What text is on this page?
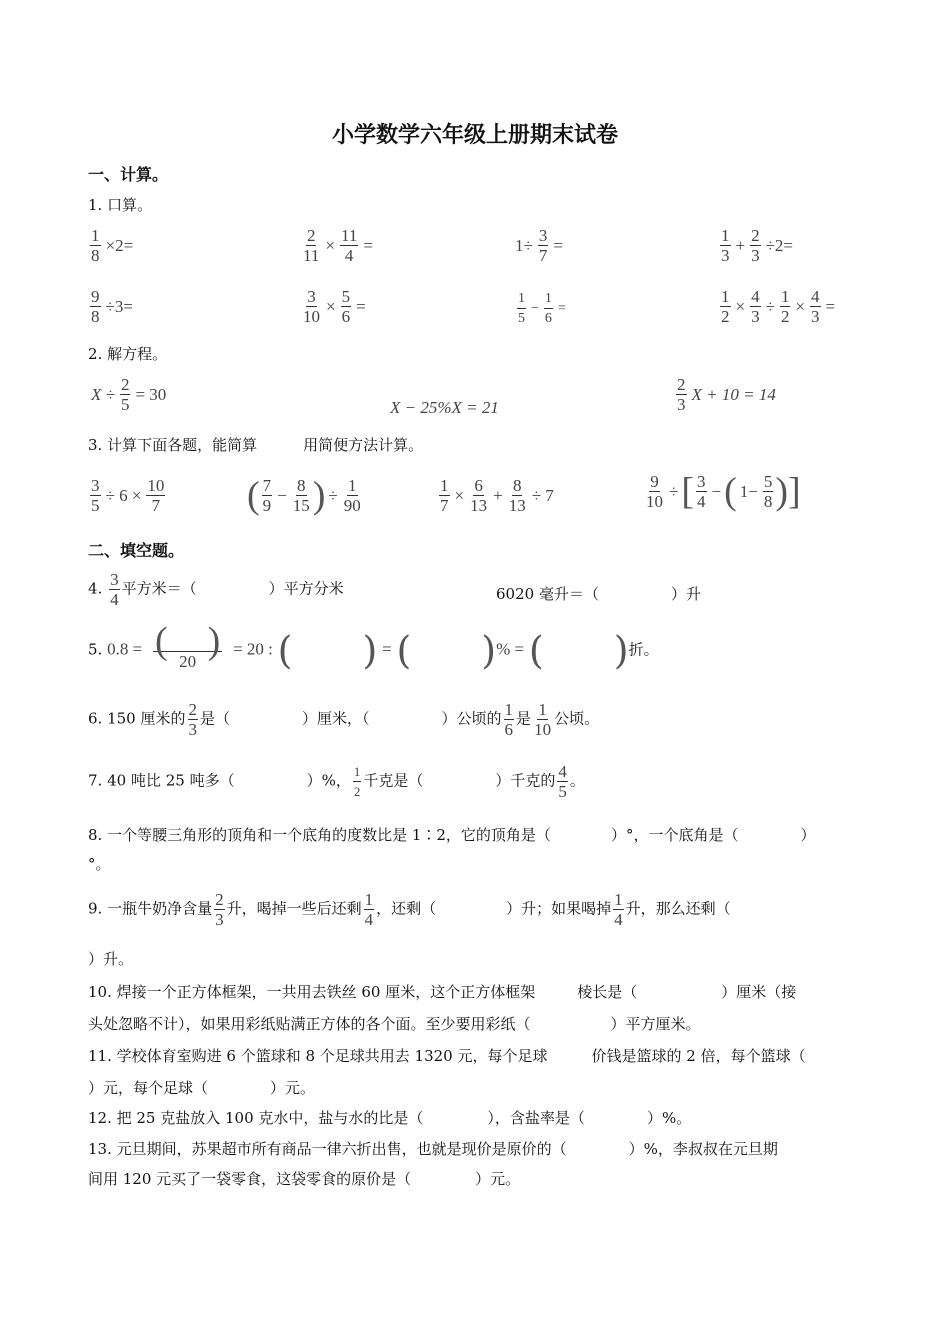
小学数学六年级上册期末试卷
一、计算。
1. 口算。
$\frac{1}{8} \times 2=$	$\frac{2}{11} \times \frac{11}{4}$ =	$1\div \frac{3}{7}$ =	$\frac{1}{3} + \frac{2}{3} \div 2=$
$\frac{9}{8} \div 3=$	$\frac{3}{10} \times \frac{5}{6}$ =	$\frac{1}{5} - \frac{1}{6}$ =	$\frac{1}{2} \times \frac{4}{3} \div \frac{1}{2} \times \frac{4}{3}$ =
2. 解方程。
$X \div \frac{2}{5} = 30$
X − 25%X = 21	$\frac{2}{3}$ X + 10 = 14
3. 计算下面各题，能简算	用简便方法计算。
$\frac{3}{5} \div 6 \times \frac{10}{7}$ ( $\frac{7}{9} - \frac{8}{15}$ ) ÷ $\frac{1}{90}$	$\frac{1}{7} \times \frac{6}{13} + \frac{8}{13} \div 7$	$\frac{9}{10}$ ÷[ $\frac{3}{4}$ −( $1- \frac{5}{8}$ )]
二、填空题。
4. $\frac{3}{4}$ 平方米＝（	）平方分米	6020 毫升＝（	）升
5. $0.8 = \frac{( )}{20} = 20$ : ( ) = ( )% = ( )折。
6. 150 厘米的 $\frac{2}{3}$ 是（	）厘米，（	）公顷的 $\frac{1}{6}$ 是 $\frac{1}{10}$ 公顷。
7. 40 吨比 25 吨多（	）%， $\frac{1}{2}$ 千克是（	）千克的 $\frac{4}{5}$ 。
8. 一个等腰三角形的顶角和一个底角的度数比是 1∶2，它的顶角是（	）°，一个底角是（	）
°。
9. 一瓶牛奶净含量 $\frac{2}{3}$ 升，喝掉一些后还剩 $\frac{1}{4}$ ，还剩（	）升；如果喝掉 $\frac{1}{4}$ 升，那么还剩（
）升。
10. 焊接一个正方体框架，一共用去铁丝 60 厘米，这个正方体框架	棱长是（	）厘米（接
头处忽略不计），如果用彩纸贴满正方体的各个面。至少要用彩纸（	）平方厘米。
11. 学校体育室购进 6 个篮球和 8 个足球共用去 1320 元，每个足球	价钱是篮球的 2 倍，每个篮球（
）元，每个足球（	）元。
12. 把 25 克盐放入 100 克水中，盐与水的比是（	），含盐率是（	）%。
13. 元旦期间，苏果超市所有商品一律六折出售，也就是现价是原价的（	）%，李叔叔在元旦期
间用 120 元买了一袋零食，这袋零食的原价是（	）元。
